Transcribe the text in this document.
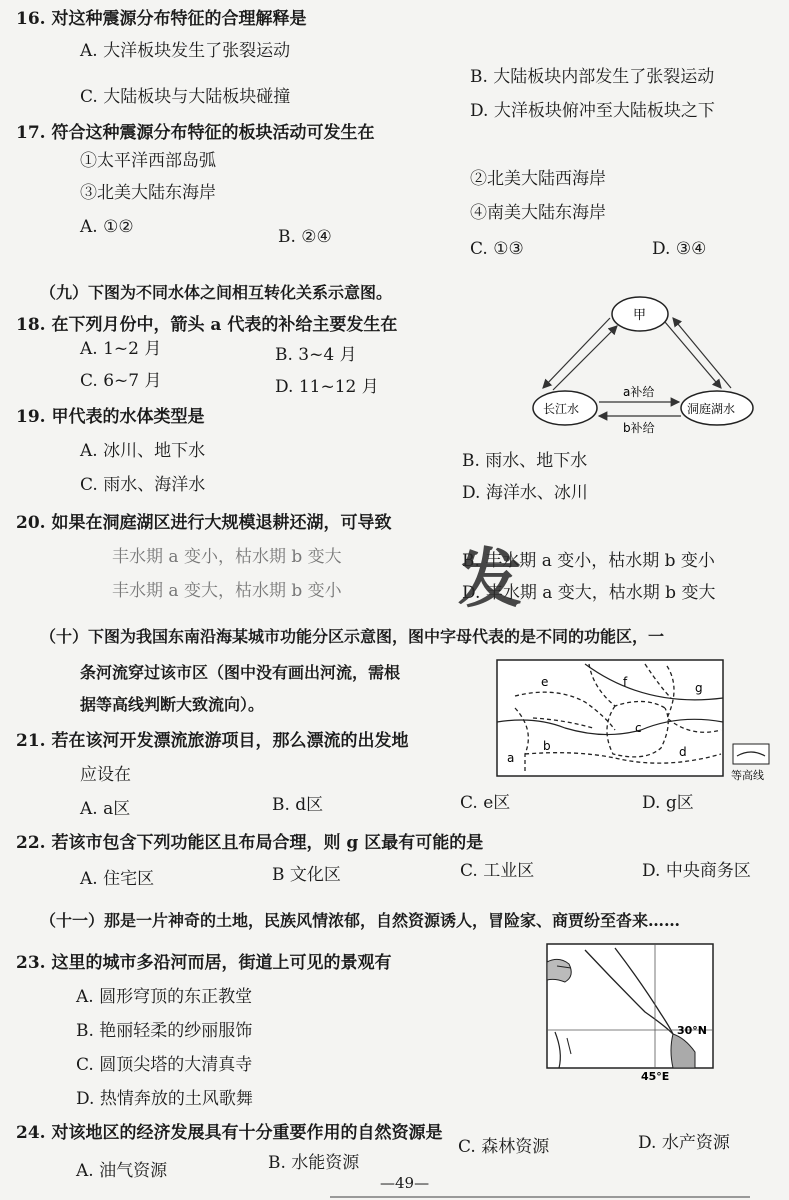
16. 对这种震源分布特征的合理解释是
A. 大洋板块发生了张裂运动
B. 大陆板块内部发生了张裂运动
C. 大陆板块与大陆板块碰撞
D. 大洋板块俯冲至大陆板块之下
17. 符合这种震源分布特征的板块活动可发生在
①太平洋西部岛弧
②北美大陆西海岸
③北美大陆东海岸
④南美大陆东海岸
A. ①②	B. ②④
C. ①③	D. ③④
（九）下图为不同水体之间相互转化关系示意图。
甲
长江水	洞庭湖水
a补给
b补给
18. 在下列月份中，箭头 a 代表的补给主要发生在
A. 1~2 月	B. 3~4 月
C. 6~7 月	D. 11~12 月
19. 甲代表的水体类型是
A. 冰川、地下水	B. 雨水、地下水
C. 雨水、海洋水	D. 海洋水、冰川
20. 如果在洞庭湖区进行大规模退耕还湖，可导致
丰水期 a 变小，枯水期 b 变大	B. 丰水期 a 变小，枯水期 b 变小
丰水期 a 变大，枯水期 b 变小	D. 丰水期 a 变大，枯水期 b 变大
发
（十）下图为我国东南沿海某城市功能分区示意图，图中字母代表的是不同的功能区，一
条河流穿过该市区（图中没有画出河流，需根
据等高线判断大致流向）。
a
b
c
d
e	f	g
等高线
21. 若在该河开发漂流旅游项目，那么漂流的出发地
应设在
A. a区	B. d区	C. e区	D. g区
22. 若该市包含下列功能区且布局合理，则 g 区最有可能的是
A. 住宅区	B 文化区	C. 工业区	D. 中央商务区
（十一）那是一片神奇的土地，民族风情浓郁，自然资源诱人，冒险家、商贾纷至沓来……
30°N
45°E
23. 这里的城市多沿河而居，街道上可见的景观有
A. 圆形穹顶的东正教堂
B. 艳丽轻柔的纱丽服饰
C. 圆顶尖塔的大清真寺
D. 热情奔放的土风歌舞
24. 对该地区的经济发展具有十分重要作用的自然资源是
A. 油气资源	B. 水能资源
C. 森林资源	D. 水产资源
—49—
